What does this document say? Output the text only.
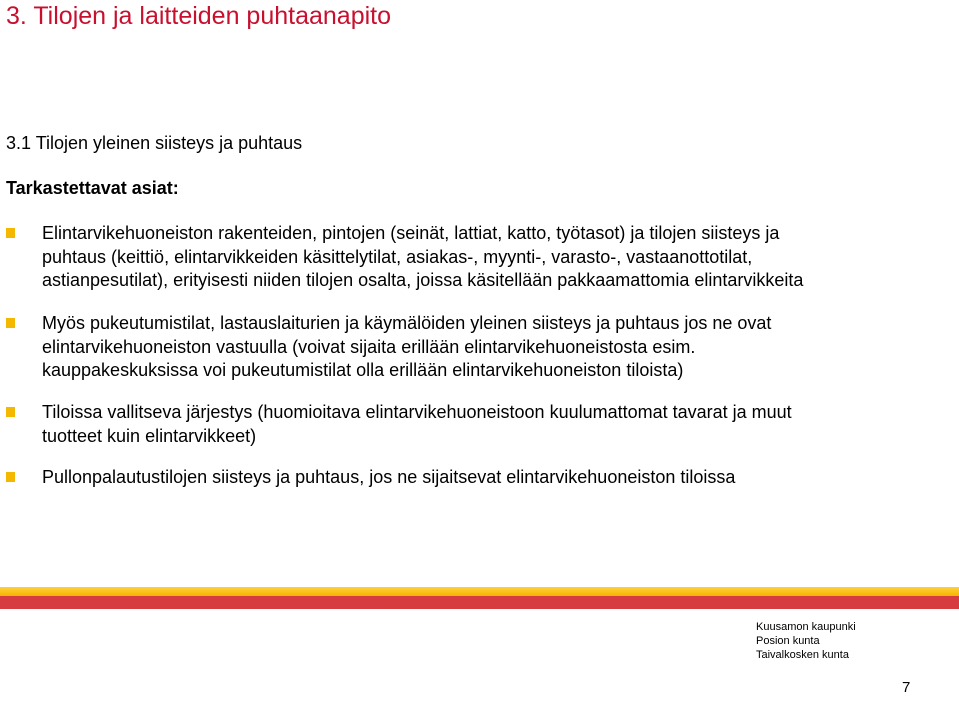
3. Tilojen ja laitteiden puhtaanapito
3.1 Tilojen yleinen siisteys ja puhtaus
Tarkastettavat asiat:
Elintarvikehuoneiston rakenteiden, pintojen (seinät, lattiat, katto, työtasot) ja tilojen siisteys ja
puhtaus (keittiö, elintarvikkeiden käsittelytilat, asiakas-, myynti-, varasto-, vastaanottotilat,
astianpesutilat), erityisesti niiden tilojen osalta, joissa käsitellään pakkaamattomia elintarvikkeita
Myös pukeutumistilat, lastauslaiturien ja käymälöiden yleinen siisteys ja puhtaus jos ne ovat
elintarvikehuoneiston vastuulla (voivat sijaita erillään elintarvikehuoneistosta esim.
kauppakeskuksissa voi pukeutumistilat olla erillään elintarvikehuoneiston tiloista)
Tiloissa vallitseva järjestys (huomioitava elintarvikehuoneistoon kuulumattomat tavarat ja muut
tuotteet kuin elintarvikkeet)
Pullonpalautustilojen siisteys ja puhtaus, jos ne sijaitsevat elintarvikehuoneiston tiloissa
Kuusamon kaupunki
Posion kunta
Taivalkosken kunta
7
